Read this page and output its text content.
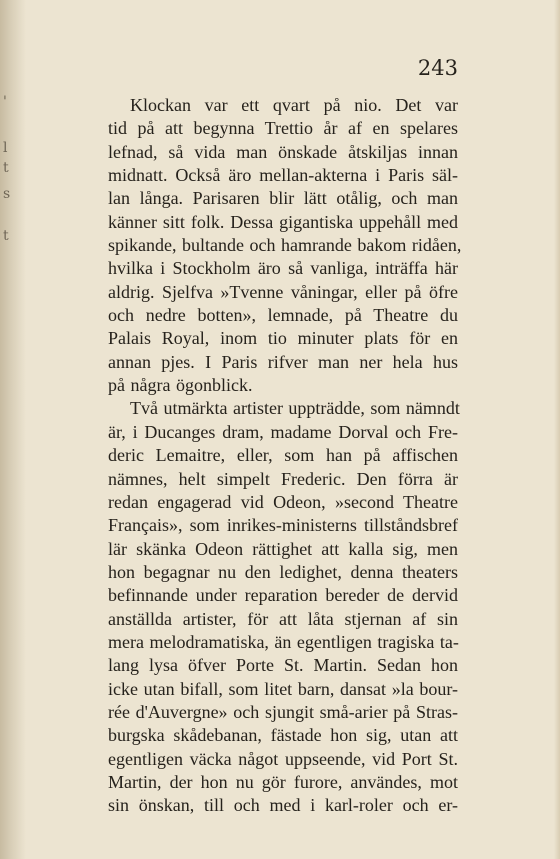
'
l
t
s
t

243

Klockan var ett qvart på nio. Det var
tid på att begynna Trettio år af en spelares
lefnad, så vida man önskade åtskiljas innan
midnatt. Också äro mellan-akterna i Paris säl-
lan långa. Parisaren blir lätt otålig, och man
känner sitt folk. Dessa gigantiska uppehåll med
spikande, bultande och hamrande bakom ridåen,
hvilka i Stockholm äro så vanliga, inträffa här
aldrig. Sjelfva »Tvenne våningar, eller på öfre
och nedre botten», lemnade, på Theatre du
Palais Royal, inom tio minuter plats för en
annan pjes. I Paris rifver man ner hela hus
på några ögonblick.
Två utmärkta artister uppträdde, som nämndt
är, i Ducanges dram, madame Dorval och Fre-
deric Lemaitre, eller, som han på affischen
nämnes, helt simpelt Frederic. Den förra är
redan engagerad vid Odeon, »second Theatre
Français», som inrikes-ministerns tillståndsbref
lär skänka Odeon rättighet att kalla sig, men
hon begagnar nu den ledighet, denna theaters
befinnande under reparation bereder de dervid
anställda artister, för att låta stjernan af sin
mera melodramatiska, än egentligen tragiska ta-
lang lysa öfver Porte St. Martin. Sedan hon
icke utan bifall, som litet barn, dansat »la bour-
rée d'Auvergne» och sjungit små-arier på Stras-
burgska skådebanan, fästade hon sig, utan att
egentligen väcka något uppseende, vid Port St.
Martin, der hon nu gör furore, användes, mot
sin önskan, till och med i karl-roler och er-
